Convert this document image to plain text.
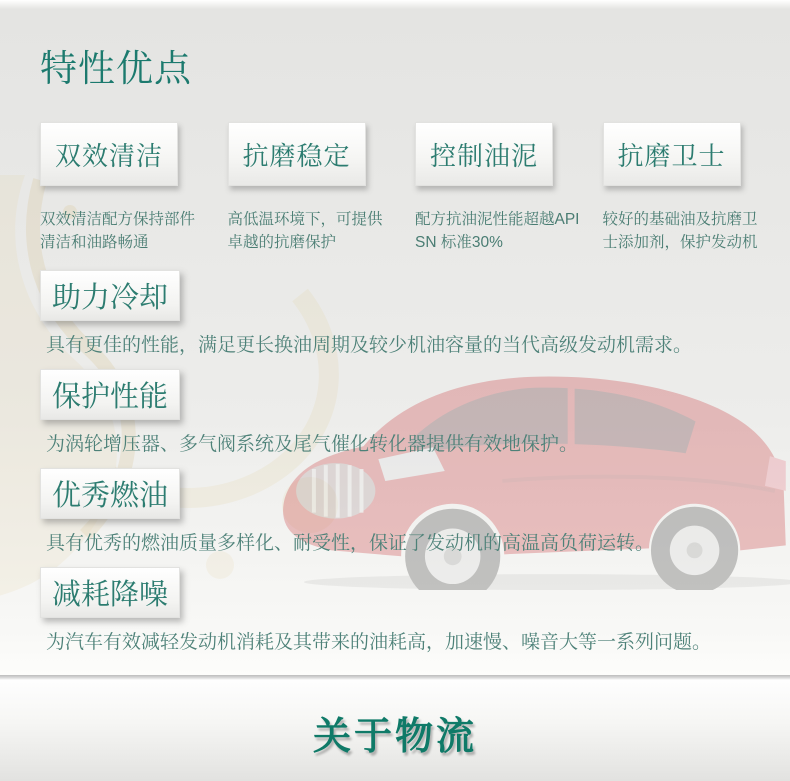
特性优点
双效清洁

双效清洁配方保持部件清洁和油路畅通

抗磨稳定

高低温环境下，可提供卓越的抗磨保护

控制油泥

配方抗油泥性能超越API SN 标准30%

抗磨卫士

较好的基础油及抗磨卫士添加剂，保护发动机

助力冷却

具有更佳的性能，满足更长换油周期及较少机油容量的当代高级发动机需求。

保护性能

为涡轮增压器、多气阀系统及尾气催化转化器提供有效地保护。

优秀燃油

具有优秀的燃油质量多样化、耐受性，保证了发动机的高温高负荷运转。

减耗降噪

为汽车有效减轻发动机消耗及其带来的油耗高，加速慢、噪音大等一系列问题。

关于物流
